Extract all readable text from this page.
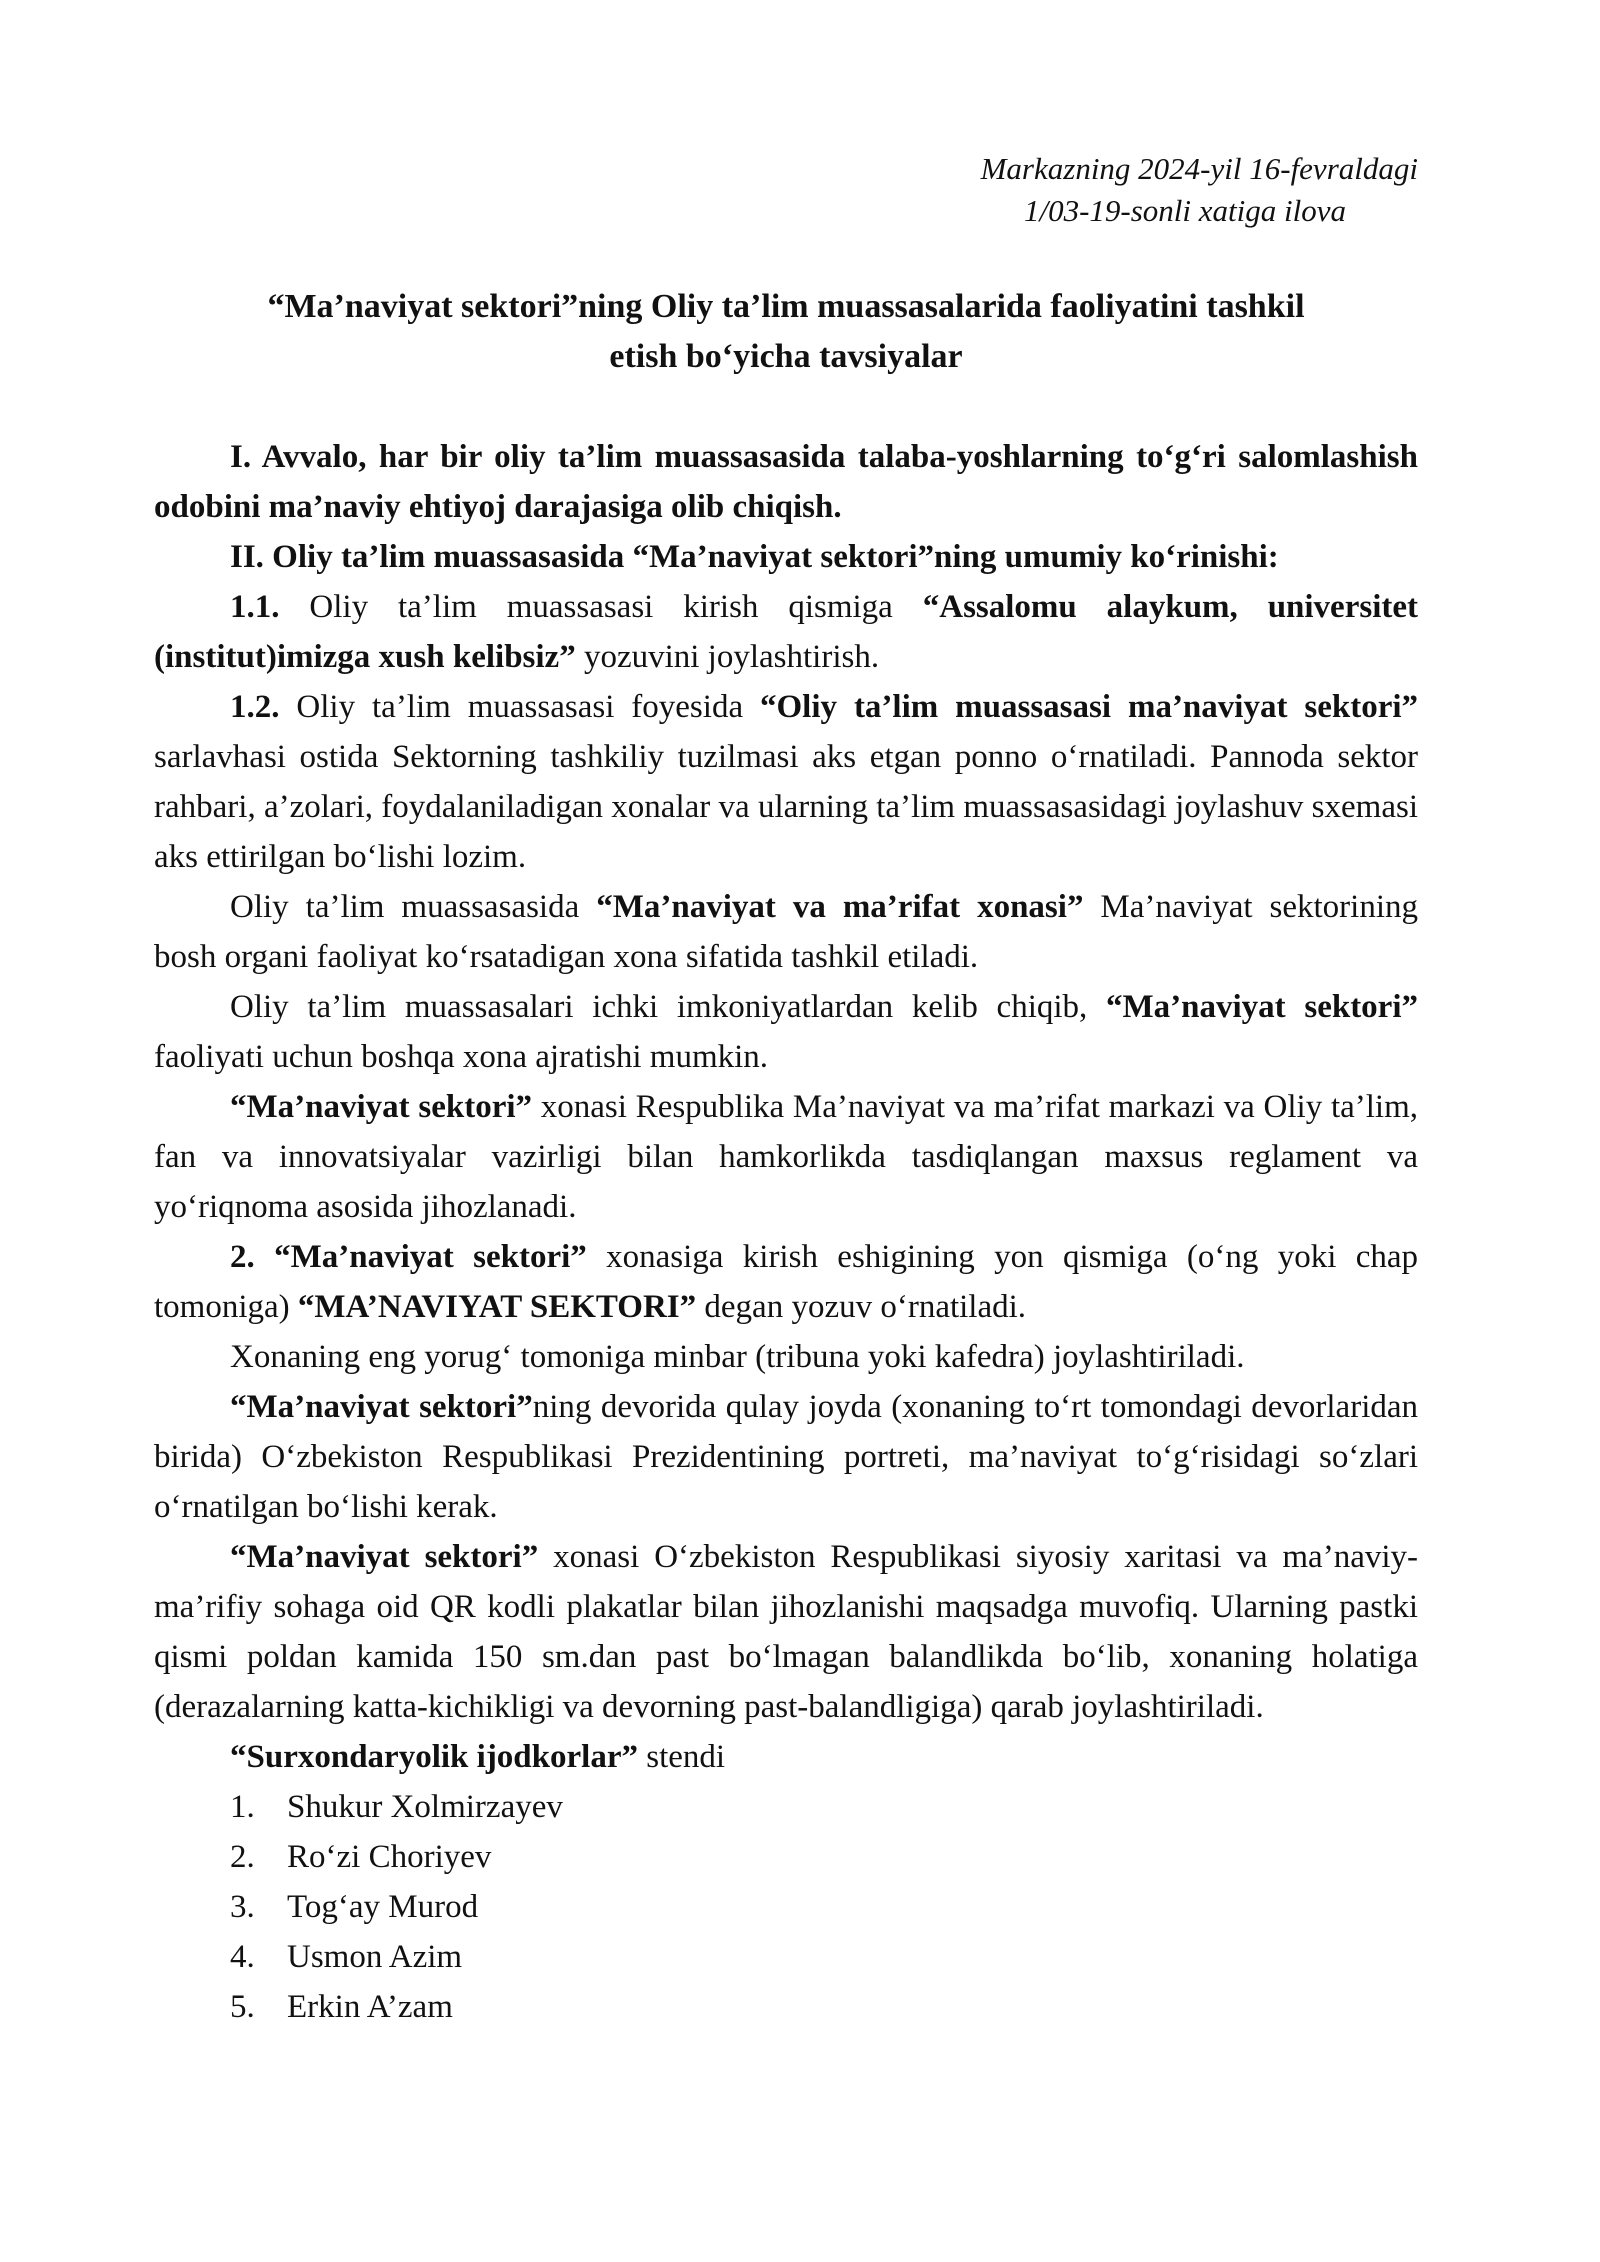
Markazning 2024-yil 16-fevraldagi
1/03-19-sonli xatiga ilova
“Ma’naviyat sektori”ning Oliy ta’lim muassasalarida faoliyatini tashkil
etish bo‘yicha tavsiyalar

I. Avvalo, har bir oliy ta’lim muassasasida talaba-yoshlarning to‘g‘ri salomlashish odobini ma’naviy ehtiyoj darajasiga olib chiqish.

II. Oliy ta’lim muassasasida “Ma’naviyat sektori”ning umumiy ko‘rinishi:

1.1. Oliy ta’lim muassasasi kirish qismiga “Assalomu alaykum, universitet (institut)imizga xush kelibsiz” yozuvini joylashtirish.

1.2. Oliy ta’lim muassasasi foyesida “Oliy ta’lim muassasasi ma’naviyat sektori” sarlavhasi ostida Sektorning tashkiliy tuzilmasi aks etgan ponno o‘rnatiladi. Pannoda sektor rahbari, a’zolari, foydalaniladigan xonalar va ularning ta’lim muassasasidagi joylashuv sxemasi aks ettirilgan bo‘lishi lozim.

Oliy ta’lim muassasasida “Ma’naviyat va ma’rifat xonasi” Ma’naviyat sektorining bosh organi faoliyat ko‘rsatadigan xona sifatida tashkil etiladi.

Oliy ta’lim muassasalari ichki imkoniyatlardan kelib chiqib, “Ma’naviyat sektori” faoliyati uchun boshqa xona ajratishi mumkin.

“Ma’naviyat sektori” xonasi Respublika Ma’naviyat va ma’rifat markazi va Oliy ta’lim, fan va innovatsiyalar vazirligi bilan hamkorlikda tasdiqlangan maxsus reglament va yo‘riqnoma asosida jihozlanadi.

2. “Ma’naviyat sektori” xonasiga kirish eshigining yon qismiga (o‘ng yoki chap tomoniga) “MA’NAVIYAT SEKTORI” degan yozuv o‘rnatiladi.

Xonaning eng yorug‘ tomoniga minbar (tribuna yoki kafedra) joylashtiriladi.

“Ma’naviyat sektori”ning devorida qulay joyda (xonaning to‘rt tomondagi devorlaridan birida) O‘zbekiston Respublikasi Prezidentining portreti, ma’naviyat to‘g‘risidagi so‘zlari o‘rnatilgan bo‘lishi kerak.

“Ma’naviyat sektori” xonasi O‘zbekiston Respublikasi siyosiy xaritasi va ma’naviy-ma’rifiy sohaga oid QR kodli plakatlar bilan jihozlanishi maqsadga muvofiq. Ularning pastki qismi poldan kamida 150 sm.dan past bo‘lmagan balandlikda bo‘lib, xonaning holatiga (derazalarning katta-kichikligi va devorning past-balandligiga) qarab joylashtiriladi.

“Surxondaryolik ijodkorlar” stendi

1. Shukur Xolmirzayev
2. Ro‘zi Choriyev
3. Tog‘ay Murod
4. Usmon Azim
5. Erkin A’zam
